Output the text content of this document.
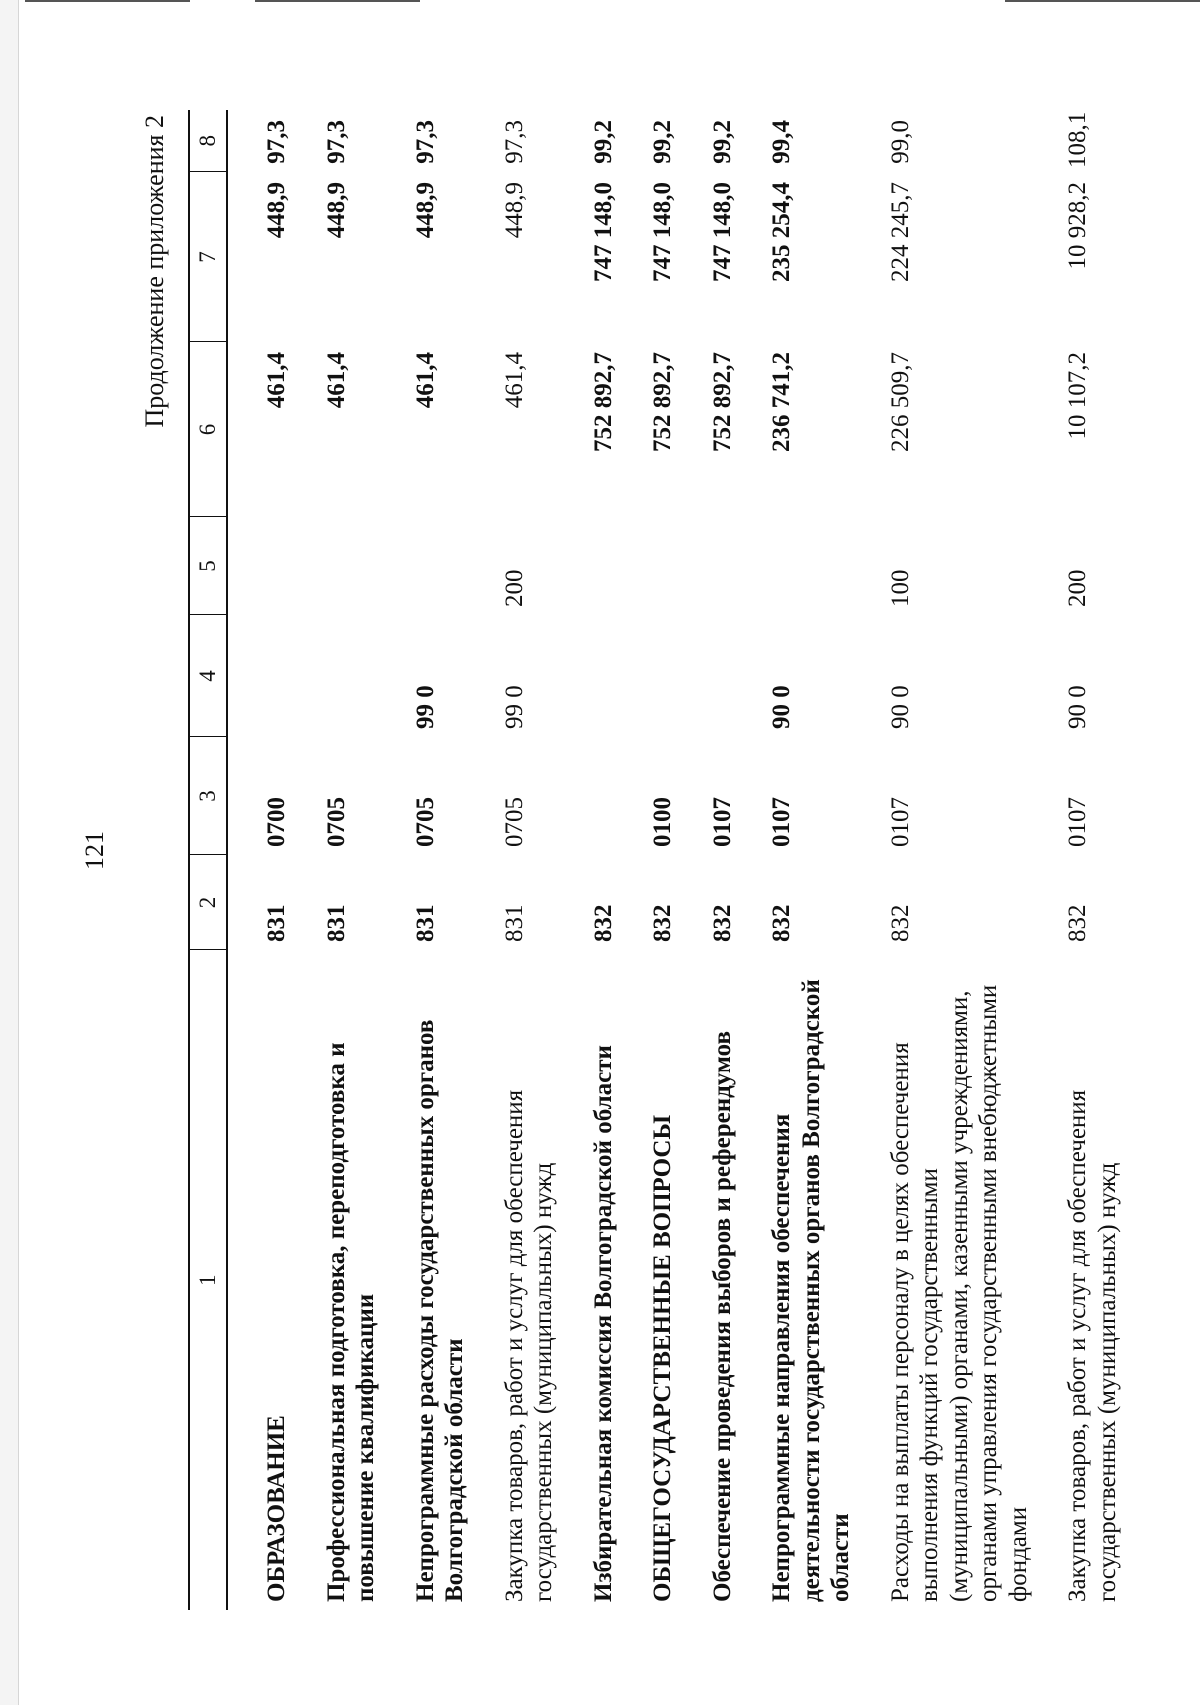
121
Продолжение приложения 2
1	2	3	4	5	6	7	8
ОБРАЗОВАНИЕ	831	0700			461,4	448,9	97,3
Профессиональная подготовка, переподготовка и повышение квалификации	831	0705			461,4	448,9	97,3
Непрограммные расходы государственных органов Волгоградской области	831	0705	99 0		461,4	448,9	97,3
Закупка товаров, работ и услуг для обеспечения государственных (муниципальных) нужд	831	0705	99 0	200	461,4	448,9	97,3
Избирательная комиссия Волгоградской области	832				752 892,7	747 148,0	99,2
ОБЩЕГОСУДАРСТВЕННЫЕ ВОПРОСЫ	832	0100			752 892,7	747 148,0	99,2
Обеспечение проведения выборов и референдумов	832	0107			752 892,7	747 148,0	99,2
Непрограммные направления обеспечения деятельности государственных органов Волгоградской области	832	0107	90 0		236 741,2	235 254,4	99,4
Расходы на выплаты персоналу в целях обеспечения выполнения функций государственными (муниципальными) органами, казенными учреждениями, органами управления государственными внебюджетными фондами	832	0107	90 0	100	226 509,7	224 245,7	99,0
Закупка товаров, работ и услуг для обеспечения государственных (муниципальных) нужд	832	0107	90 0	200	10 107,2	10 928,2	108,1
